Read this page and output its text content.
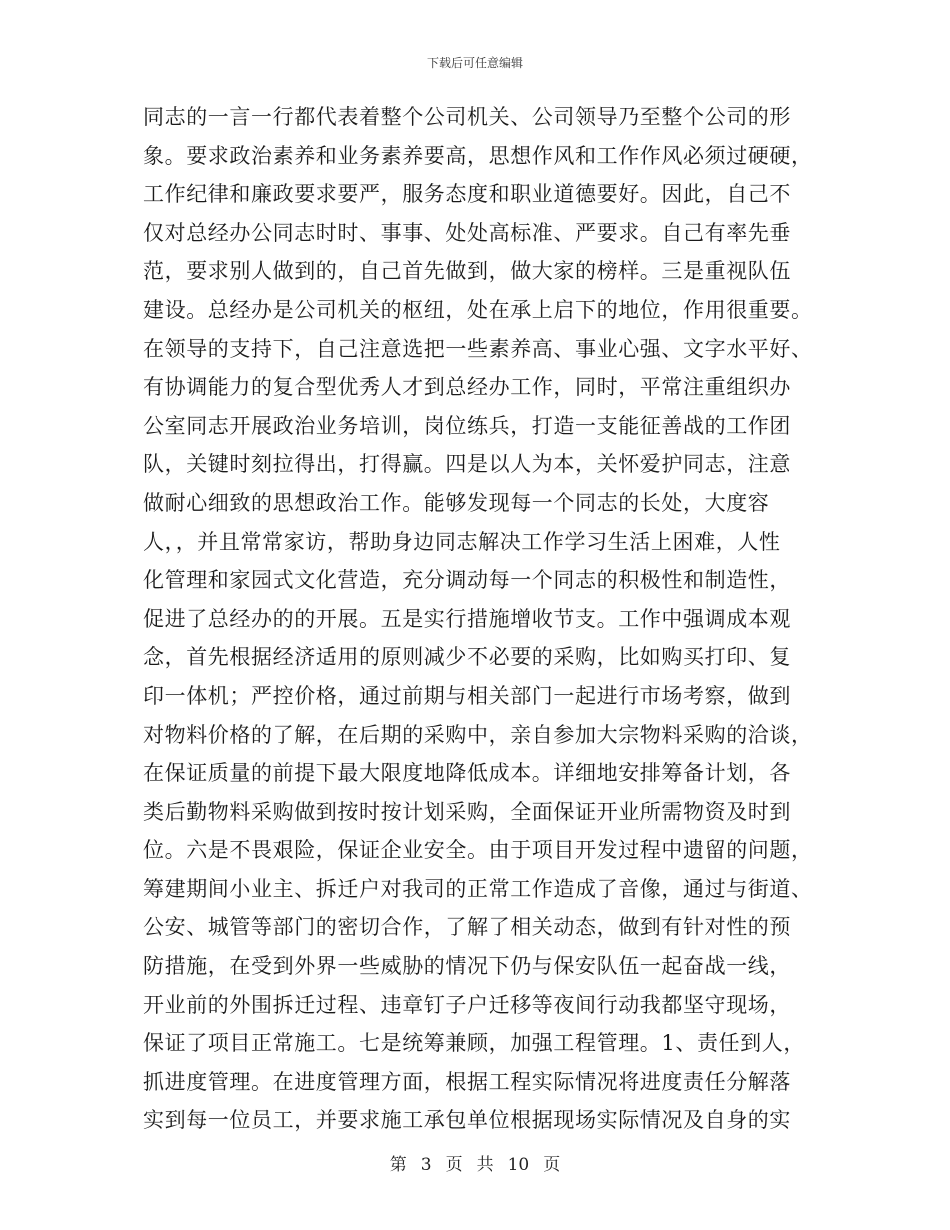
下载后可任意编辑
同志的一言一行都代表着整个公司机关、公司领导乃至整个公司的形
象。要求政治素养和业务素养要高，思想作风和工作作风必须过硬硬，
工作纪律和廉政要求要严，服务态度和职业道德要好。因此，自己不
仅对总经办公同志时时、事事、处处高标准、严要求。自己有率先垂
范，要求别人做到的，自己首先做到，做大家的榜样。三是重视队伍
建设。总经办是公司机关的枢纽，处在承上启下的地位，作用很重要。
在领导的支持下，自己注意选把一些素养高、事业心强、文字水平好、
有协调能力的复合型优秀人才到总经办工作，同时，平常注重组织办
公室同志开展政治业务培训，岗位练兵，打造一支能征善战的工作团
队，关键时刻拉得出，打得赢。四是以人为本，关怀爱护同志，注意
做耐心细致的思想政治工作。能够发现每一个同志的长处，大度容
人，，并且常常家访，帮助身边同志解决工作学习生活上困难，人性
化管理和家园式文化营造，充分调动每一个同志的积极性和制造性，
促进了总经办的的开展。五是实行措施增收节支。工作中强调成本观
念，首先根据经济适用的原则减少不必要的采购，比如购买打印、复
印一体机；严控价格，通过前期与相关部门一起进行市场考察，做到
对物料价格的了解，在后期的采购中，亲自参加大宗物料采购的洽谈，
在保证质量的前提下最大限度地降低成本。详细地安排筹备计划，各
类后勤物料采购做到按时按计划采购，全面保证开业所需物资及时到
位。六是不畏艰险，保证企业安全。由于项目开发过程中遗留的问题，
筹建期间小业主、拆迁户对我司的正常工作造成了音像，通过与街道、
公安、城管等部门的密切合作，了解了相关动态，做到有针对性的预
防措施，在受到外界一些威胁的情况下仍与保安队伍一起奋战一线，
开业前的外围拆迁过程、违章钉子户迁移等夜间行动我都坚守现场，
保证了项目正常施工。七是统筹兼顾，加强工程管理。1、责任到人，
抓进度管理。在进度管理方面，根据工程实际情况将进度责任分解落
实到每一位员工，并要求施工承包单位根据现场实际情况及自身的实
第 3 页 共 10 页
